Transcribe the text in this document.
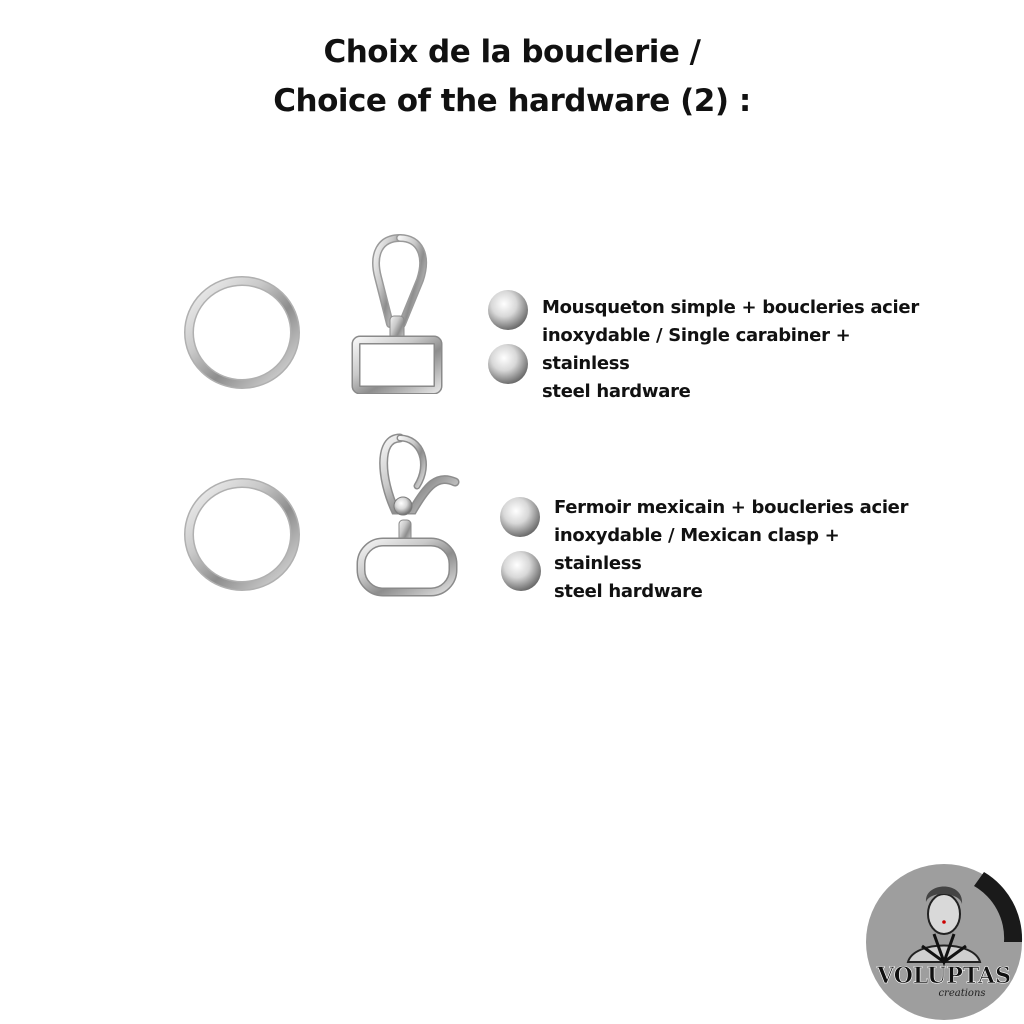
Choix de la bouclerie /
Choice of the hardware (2) :
Mousqueton simple + boucleries acier
inoxydable / Single carabiner + stainless
steel hardware
Fermoir mexicain + boucleries acier
inoxydable / Mexican clasp + stainless
steel hardware
VOLUPTAS
creations
